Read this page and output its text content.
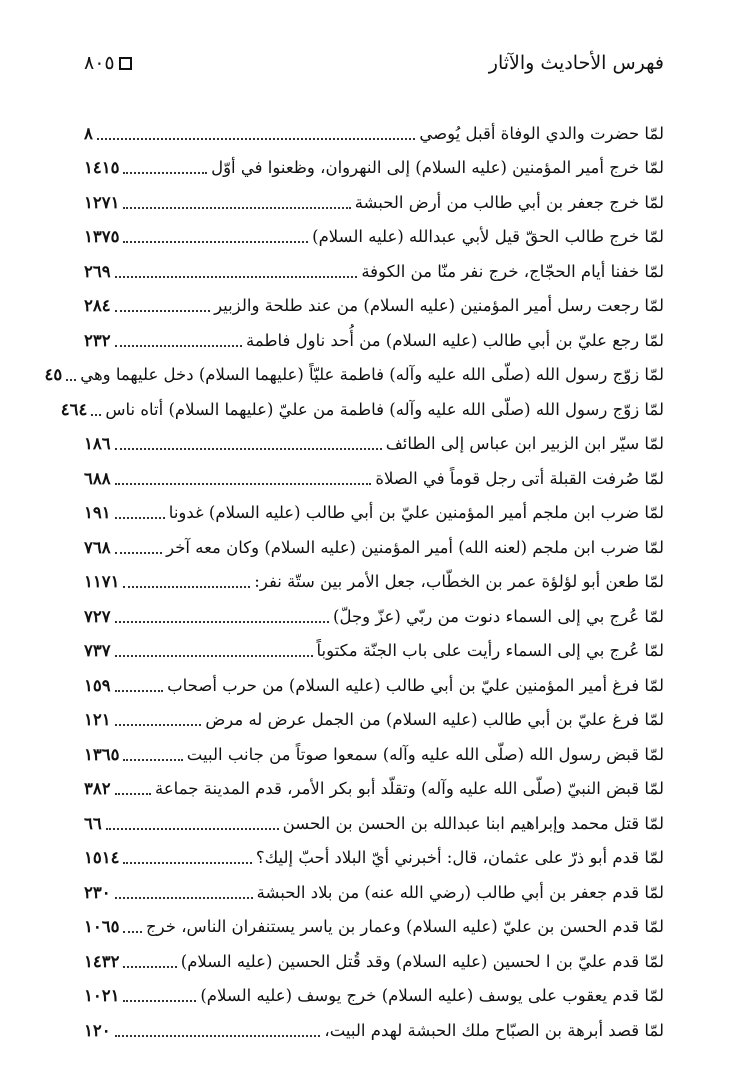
فهرس الأحاديث والآثار
٨٠٥
لمّا حضرت والدي الوفاة أقبل يُوصي
٨
لمّا خرج أمير المؤمنين (عليه السلام) إلى النهروان، وظعنوا في أوّل
١٤١٥
لمّا خرج جعفر بن أبي طالب من أرض الحبشة
١٢٧١
لمّا خرج طالب الحقّ قيل لأبي عبدالله (عليه السلام)
١٣٧٥
لمّا خفنا أيام الحجّاج، خرج نفر منّا من الكوفة
٢٦٩
لمّا رجعت رسل أمير المؤمنين (عليه السلام) من عند طلحة والزبير
٢٨٤
لمّا رجع عليّ بن أبي طالب (عليه السلام) من أُحد ناول فاطمة
٢٣٢
لمّا زوّج رسول الله (صلّى الله عليه وآله) فاطمة عليّاً (عليهما السلام) دخل عليهما وهي
٤٥
لمّا زوّج رسول الله (صلّى الله عليه وآله) فاطمة من عليّ (عليهما السلام) أتاه ناس
٤٦٤
لمّا سيّر ابن الزبير ابن عباس إلى الطائف
١٨٦
لمّا صُرفت القبلة أتى رجل قوماً في الصلاة
٦٨٨
لمّا ضرب ابن ملجم أمير المؤمنين عليّ بن أبي طالب (عليه السلام) غدونا
١٩١
لمّا ضرب ابن ملجم (لعنه الله) أمير المؤمنين (عليه السلام) وكان معه آخر
٧٦٨
لمّا طعن أبو لؤلؤة عمر بن الخطّاب، جعل الأمر بين ستّة نفر:
١١٧١
لمّا عُرج بي إلى السماء دنوت من ربّي (عزّ وجلّ)
٧٢٧
لمّا عُرج بي إلى السماء رأيت على باب الجنّة مكتوباً
٧٣٧
لمّا فرغ أمير المؤمنين عليّ بن أبي طالب (عليه السلام) من حرب أصحاب
١٥٩
لمّا فرغ عليّ بن أبي طالب (عليه السلام) من الجمل عرض له مرض
١٢١
لمّا قبض رسول الله (صلّى الله عليه وآله) سمعوا صوتاً من جانب البيت
١٣٦٥
لمّا قبض النبيّ (صلّى الله عليه وآله) وتقلّد أبو بكر الأمر، قدم المدينة جماعة
٣٨٢
لمّا قتل محمد وإبراهيم ابنا عبدالله بن الحسن بن الحسن
٦٦
لمّا قدم أبو ذرّ على عثمان، قال: أخبرني أيّ البلاد أحبّ إليك؟
١٥١٤
لمّا قدم جعفر بن أبي طالب (رضي الله عنه) من بلاد الحبشة
٢٣٠
لمّا قدم الحسن بن عليّ (عليه السلام) وعمار بن ياسر يستنفران الناس، خرج
١٠٦٥
لمّا قدم عليّ بن ا لحسين (عليه السلام) وقد قُتل الحسين (عليه السلام)
١٤٣٢
لمّا قدم يعقوب على يوسف (عليه السلام) خرج يوسف (عليه السلام)
١٠٢١
لمّا قصد أبرهة بن الصبّاح ملك الحبشة لهدم البيت،
١٢٠
